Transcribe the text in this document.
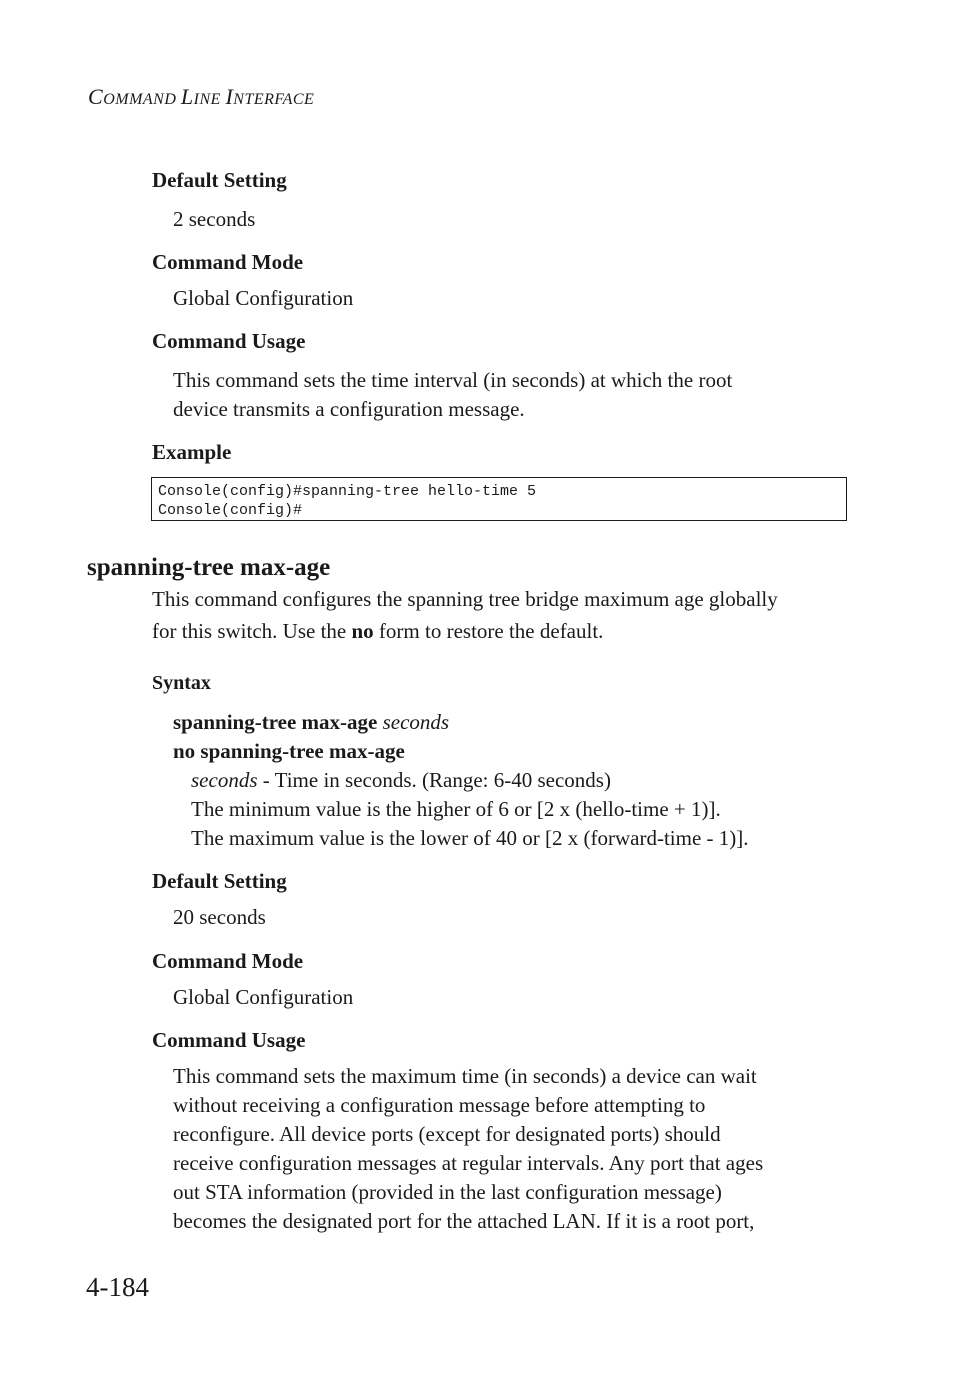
COMMAND LINE INTERFACE
Default Setting
2 seconds
Command Mode
Global Configuration
Command Usage
This command sets the time interval (in seconds) at which the root
device transmits a configuration message.
Example
Console(config)#spanning-tree hello-time 5
Console(config)#
spanning-tree max-age
This command configures the spanning tree bridge maximum age globally
for this switch. Use the no form to restore the default.
Syntax
spanning-tree max-age seconds
no spanning-tree max-age
seconds - Time in seconds. (Range: 6-40 seconds)
The minimum value is the higher of 6 or [2 x (hello-time + 1)].
The maximum value is the lower of 40 or [2 x (forward-time - 1)].
Default Setting
20 seconds
Command Mode
Global Configuration
Command Usage
This command sets the maximum time (in seconds) a device can wait
without receiving a configuration message before attempting to
reconfigure. All device ports (except for designated ports) should
receive configuration messages at regular intervals. Any port that ages
out STA information (provided in the last configuration message)
becomes the designated port for the attached LAN. If it is a root port,
4-184
